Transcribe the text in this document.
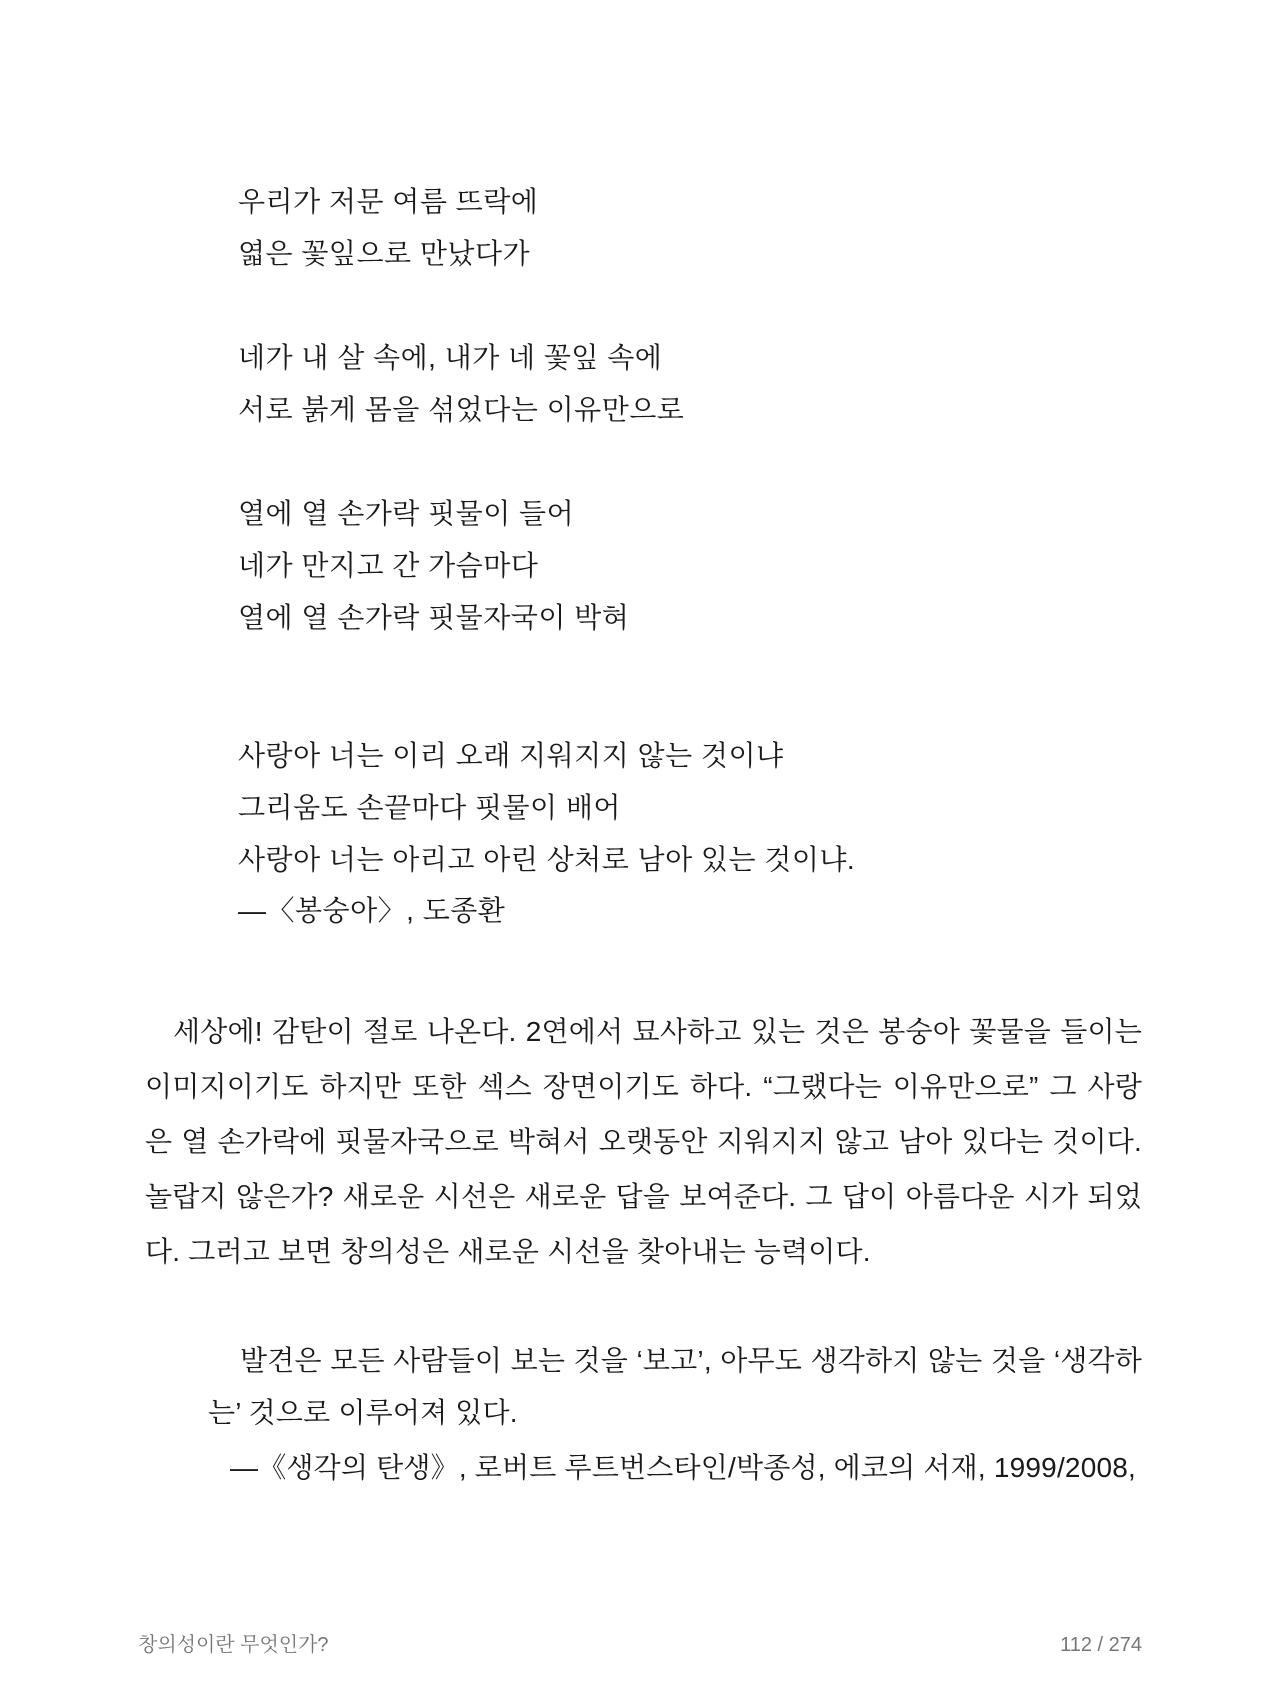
우리가 저문 여름 뜨락에
엷은 꽃잎으로 만났다가
네가 내 살 속에, 내가 네 꽃잎 속에
서로 붉게 몸을 섞었다는 이유만으로
열에 열 손가락 핏물이 들어
네가 만지고 간 가슴마다
열에 열 손가락 핏물자국이 박혀
사랑아 너는 이리 오래 지워지지 않는 것이냐
그리움도 손끝마다 핏물이 배어
사랑아 너는 아리고 아린 상처로 남아 있는 것이냐.
—〈봉숭아〉, 도종환

세상에! 감탄이 절로 나온다. 2연에서 묘사하고 있는 것은 봉숭아 꽃물을 들이는 이미지이기도 하지만 또한 섹스 장면이기도 하다. “그랬다는 이유만으로” 그 사랑은 열 손가락에 핏물자국으로 박혀서 오랫동안 지워지지 않고 남아 있다는 것이다. 놀랍지 않은가? 새로운 시선은 새로운 답을 보여준다. 그 답이 아름다운 시가 되었다. 그러고 보면 창의성은 새로운 시선을 찾아내는 능력이다.

발견은 모든 사람들이 보는 것을 ‘보고’, 아무도 생각하지 않는 것을 ‘생각하는’ 것으로 이루어져 있다.

—《생각의 탄생》, 로버트 루트번스타인/박종성, 에코의 서재, 1999/2008,
창의성이란 무엇인가?	112 / 274
